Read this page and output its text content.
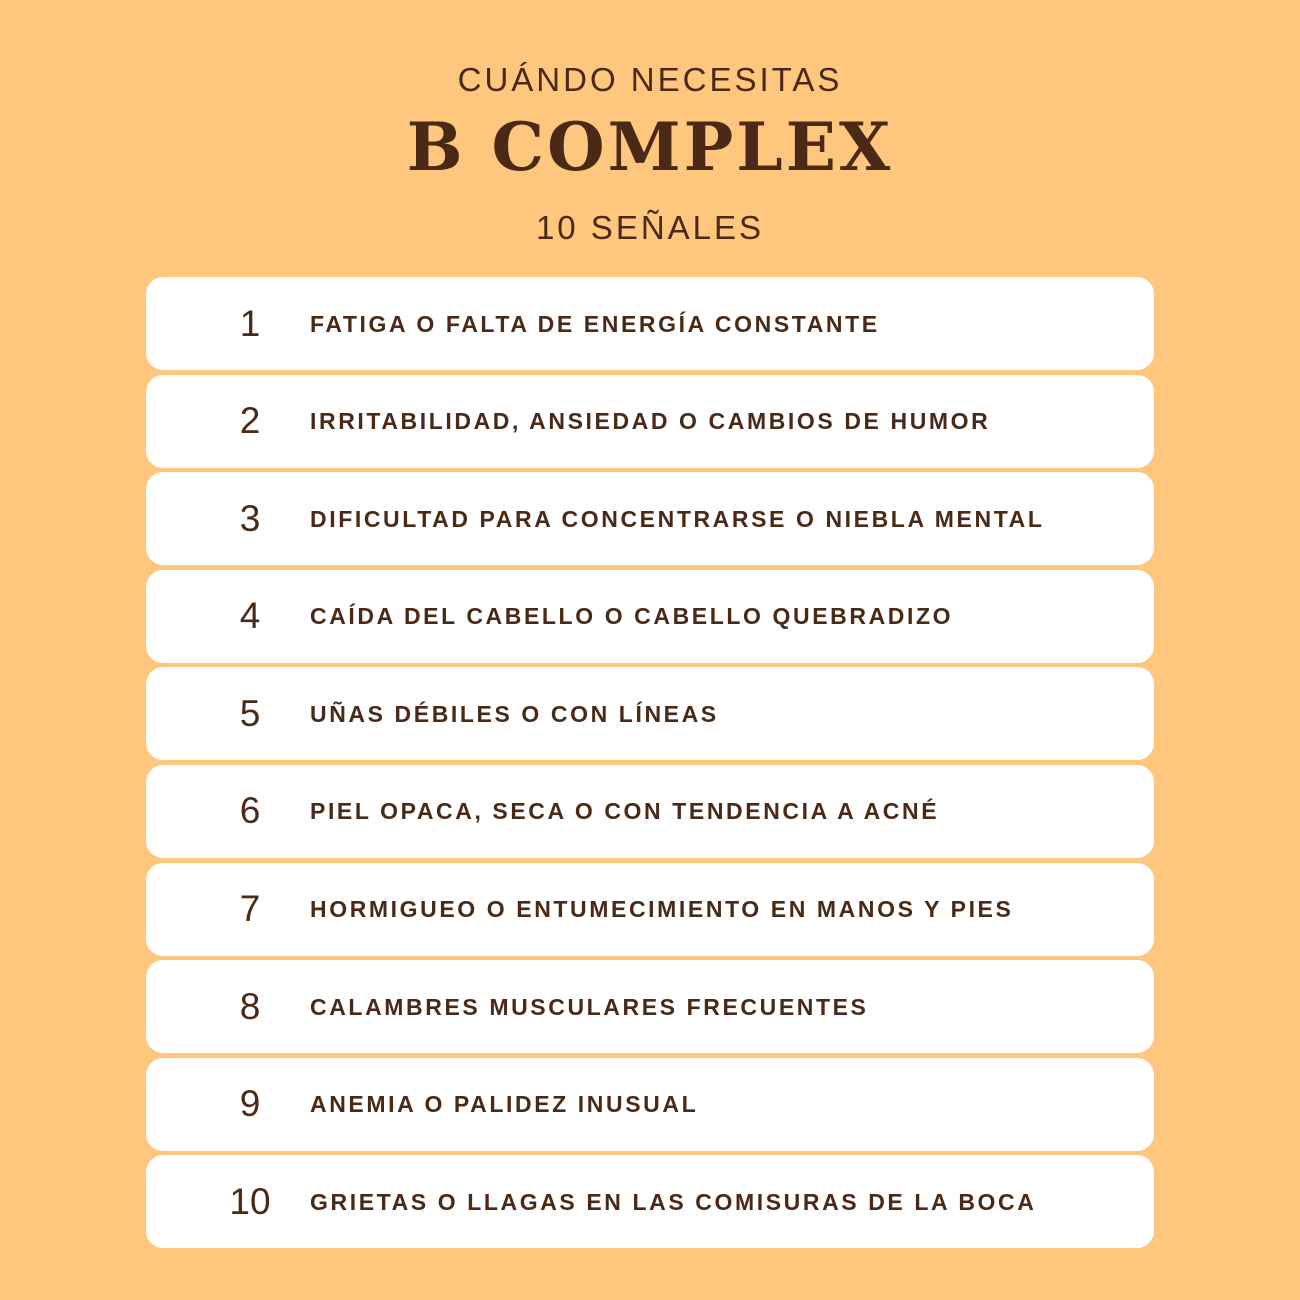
CUÁNDO NECESITAS
B COMPLEX
10 SEÑALES
1	FATIGA O FALTA DE ENERGÍA CONSTANTE
2	IRRITABILIDAD, ANSIEDAD O CAMBIOS DE HUMOR
3	DIFICULTAD PARA CONCENTRARSE O NIEBLA MENTAL
4	CAÍDA DEL CABELLO O CABELLO QUEBRADIZO
5	UÑAS DÉBILES O CON LÍNEAS
6	PIEL OPACA, SECA O CON TENDENCIA A ACNÉ
7	HORMIGUEO O ENTUMECIMIENTO EN MANOS Y PIES
8	CALAMBRES MUSCULARES FRECUENTES
9	ANEMIA O PALIDEZ INUSUAL
10	GRIETAS O LLAGAS EN LAS COMISURAS DE LA BOCA
